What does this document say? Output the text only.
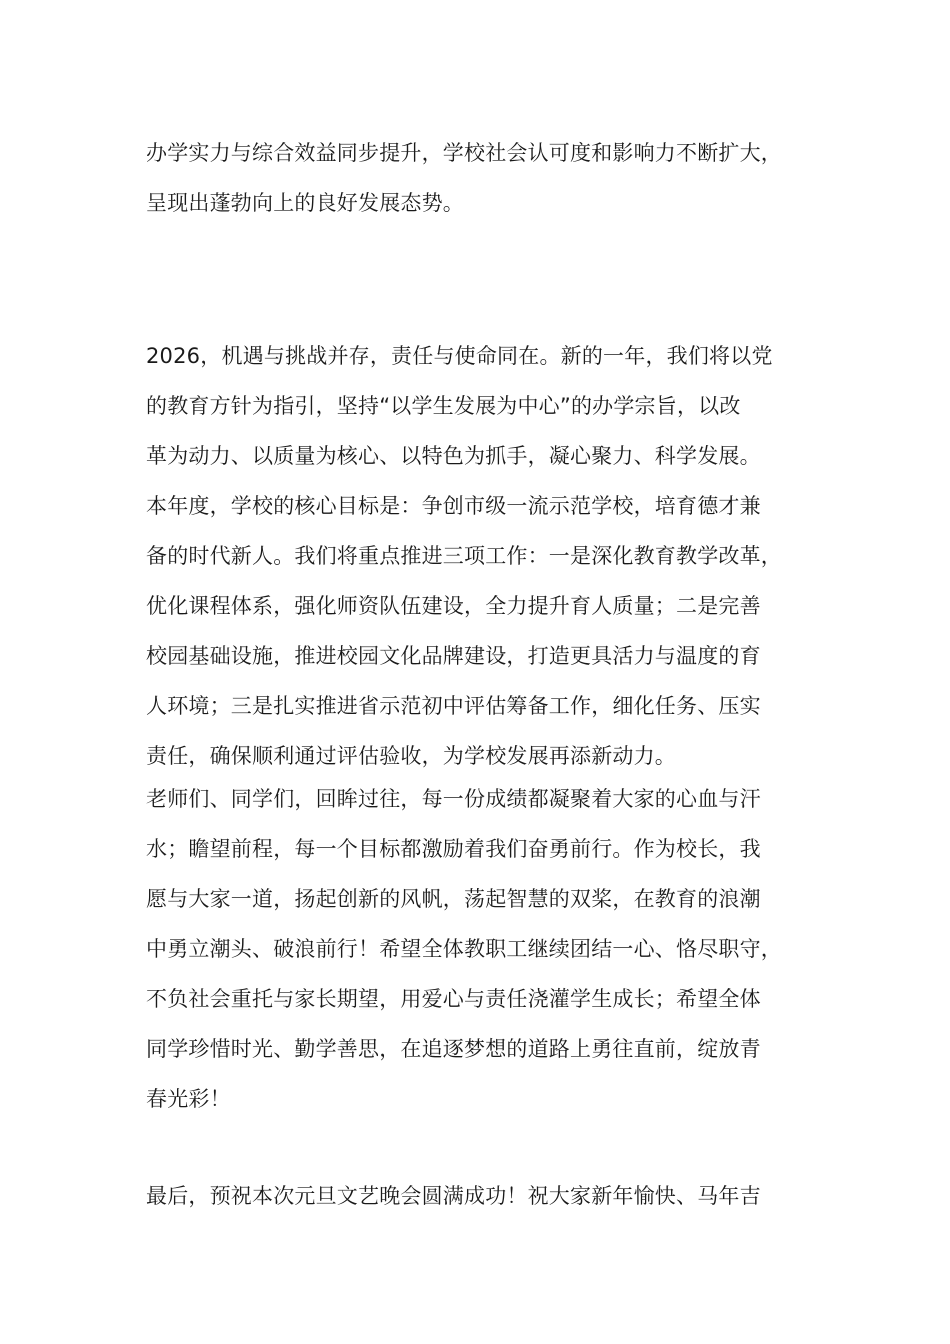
办学实力与综合效益同步提升，学校社会认可度和影响力不断扩大，
呈现出蓬勃向上的良好发展态势。
2026，机遇与挑战并存，责任与使命同在。新的一年，我们将以党
的教育方针为指引，坚持“以学生发展为中心”的办学宗旨，以改
革为动力、以质量为核心、以特色为抓手，凝心聚力、科学发展。
本年度，学校的核心目标是：争创市级一流示范学校，培育德才兼
备的时代新人。我们将重点推进三项工作：一是深化教育教学改革，
优化课程体系，强化师资队伍建设，全力提升育人质量；二是完善
校园基础设施，推进校园文化品牌建设，打造更具活力与温度的育
人环境；三是扎实推进省示范初中评估筹备工作，细化任务、压实
责任，确保顺利通过评估验收，为学校发展再添新动力。
老师们、同学们，回眸过往，每一份成绩都凝聚着大家的心血与汗
水；瞻望前程，每一个目标都激励着我们奋勇前行。作为校长，我
愿与大家一道，扬起创新的风帆，荡起智慧的双桨，在教育的浪潮
中勇立潮头、破浪前行！希望全体教职工继续团结一心、恪尽职守，
不负社会重托与家长期望，用爱心与责任浇灌学生成长；希望全体
同学珍惜时光、勤学善思，在追逐梦想的道路上勇往直前，绽放青
春光彩！
最后，预祝本次元旦文艺晚会圆满成功！祝大家新年愉快、马年吉
